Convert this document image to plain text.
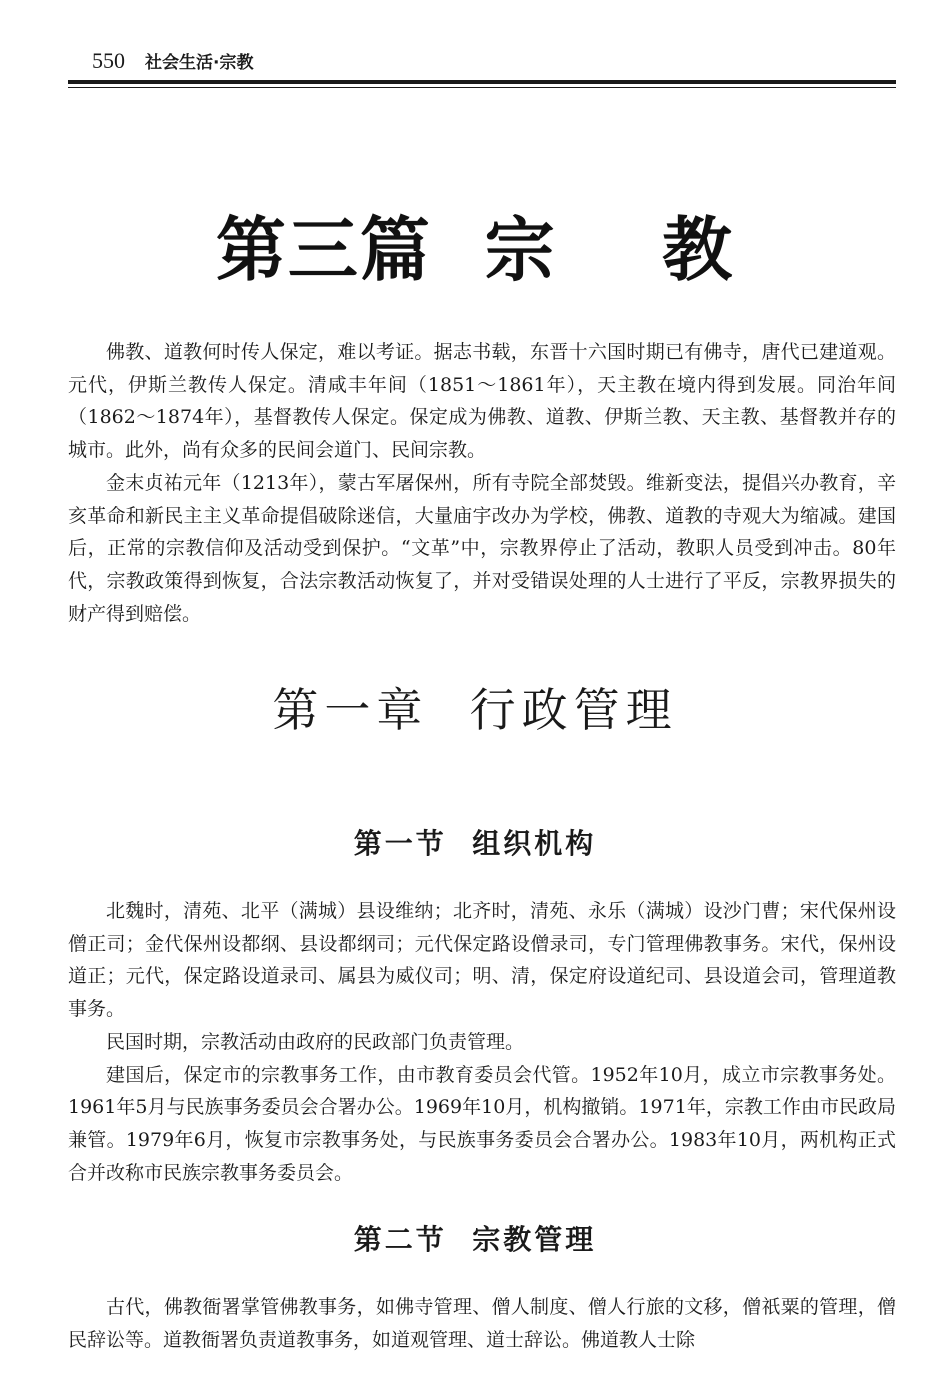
550 社会生活·宗教
第三篇  宗    教

佛教、道教何时传人保定，难以考证。据志书载，东晋十六国时期已有佛寺，唐代已建道观。元代，伊斯兰教传人保定。清咸丰年间（1851～1861年），天主教在境内得到发展。同治年间（1862～1874年），基督教传人保定。保定成为佛教、道教、伊斯兰教、天主教、基督教并存的城市。此外，尚有众多的民间会道门、民间宗教。

金末贞祐元年（1213年），蒙古军屠保州，所有寺院全部焚毁。维新变法，提倡兴办教育，辛亥革命和新民主主义革命提倡破除迷信，大量庙宇改办为学校，佛教、道教的寺观大为缩减。建国后，正常的宗教信仰及活动受到保护。“文革”中，宗教界停止了活动，教职人员受到冲击。80年代，宗教政策得到恢复，合法宗教活动恢复了，并对受错误处理的人士进行了平反，宗教界损失的财产得到赔偿。

第一章  行政管理
第一节  组织机构

北魏时，清苑、北平（满城）县设维纳；北齐时，清苑、永乐（满城）设沙门曹；宋代保州设僧正司；金代保州设都纲、县设都纲司；元代保定路设僧录司，专门管理佛教事务。宋代，保州设道正；元代，保定路设道录司、属县为威仪司；明、清，保定府设道纪司、县设道会司，管理道教事务。

民国时期，宗教活动由政府的民政部门负责管理。

建国后，保定市的宗教事务工作，由市教育委员会代管。1952年10月，成立市宗教事务处。1961年5月与民族事务委员会合署办公。1969年10月，机构撤销。1971年，宗教工作由市民政局兼管。1979年6月，恢复市宗教事务处，与民族事务委员会合署办公。1983年10月，两机构正式合并改称市民族宗教事务委员会。

第二节  宗教管理

古代，佛教衙署掌管佛教事务，如佛寺管理、僧人制度、僧人行旅的文移，僧祇粟的管理，僧民辞讼等。道教衙署负责道教事务，如道观管理、道士辞讼。佛道教人士除
